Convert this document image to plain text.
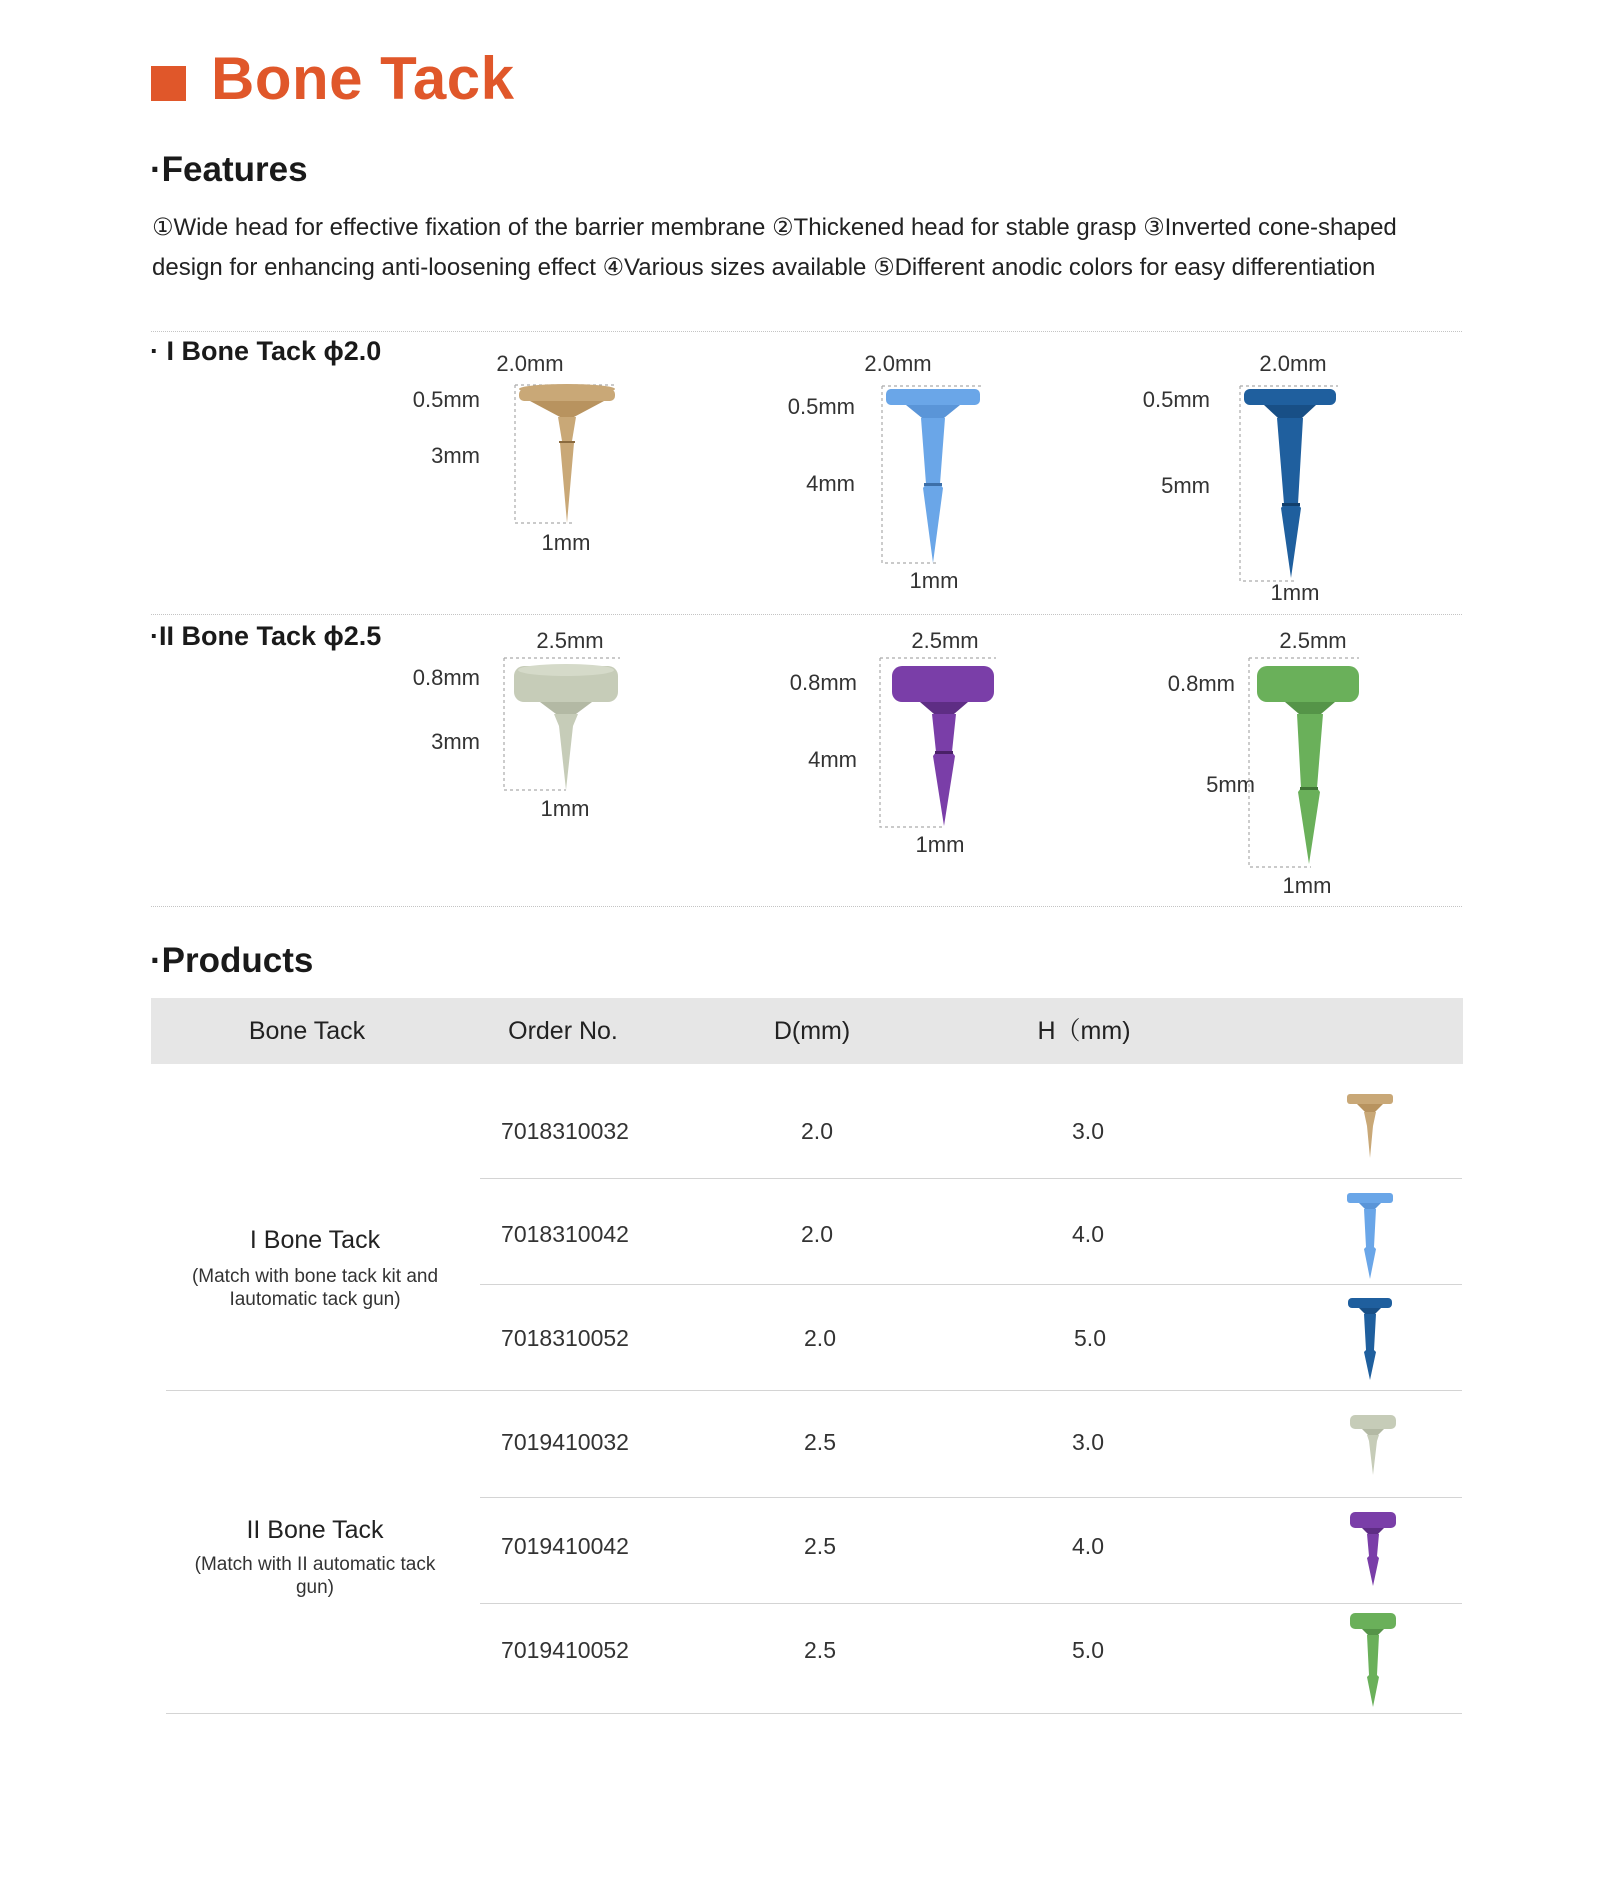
Bone Tack
·Features
①Wide head for effective fixation of the barrier membrane ②Thickened head for stable grasp ③Inverted cone-shaped design for enhancing anti-loosening effect ④Various sizes available ⑤Different anodic colors for easy differentiation
· I Bone Tack ϕ2.0	2.0mm
0.5mm
3mm
1mm
2.0mm
0.5mm
4mm
1mm
2.0mm
0.5mm
5mm
1mm
·II Bone Tack ϕ2.5	2.5mm
0.8mm
3mm
1mm
2.5mm
0.8mm
4mm
1mm
2.5mm
0.8mm
5mm
1mm
·Products
Bone Tack	Order No.	D(mm)	H（mm)
I Bone Tack
(Match with bone tack kit and Iautomatic tack gun)
7018310032	2.0	3.0
7018310042	2.0	4.0
7018310052	2.0	5.0
II Bone Tack
(Match with II automatic tack gun)
7019410032	2.5	3.0
7019410042	2.5	4.0
7019410052	2.5	5.0
